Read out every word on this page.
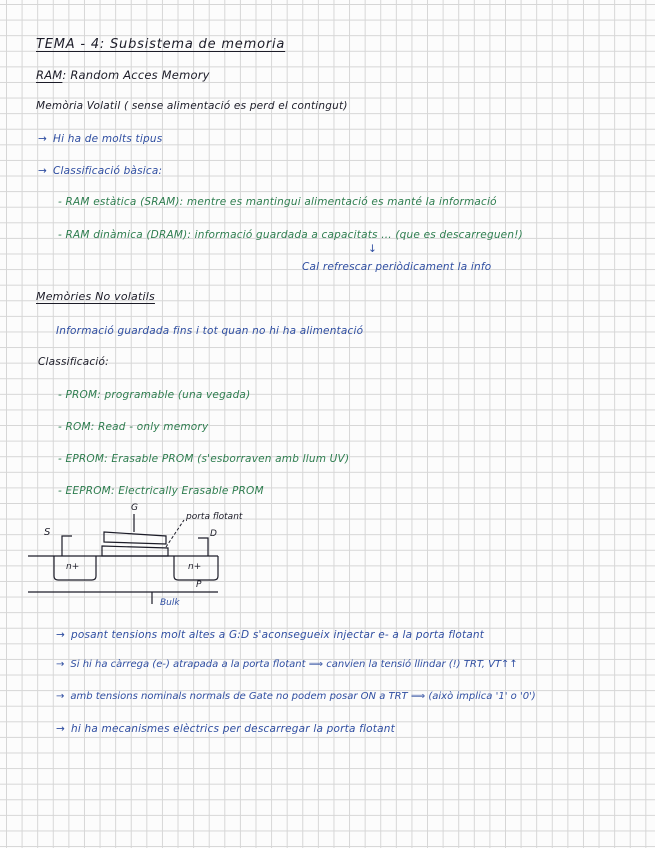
TEMA - 4: Subsistema de memoria
RAM: Random Acces Memory
Memòria Volatil ( sense alimentació es perd el contingut)
→ Hi ha de molts tipus
→ Classificació bàsica:
- RAM estàtica (SRAM): mentre es mantingui alimentació es manté la informació
- RAM dinàmica (DRAM): informació guardada a capacitats ... (que es descarreguen!)
↓
Cal refrescar periòdicament la info
Memòries No volatils
Informació guardada fins i tot quan no hi ha alimentació
Classificació:
- PROM: programable (una vegada)
- ROM: Read - only memory
- EPROM: Erasable PROM (s'esborraven amb llum UV)
- EEPROM: Electrically Erasable PROM
G
porta flotant
S	D
n+	n+
P
Bulk
→ posant tensions molt altes a G:D s'aconsegueix injectar e- a la porta flotant
→ Si hi ha càrrega (e-) atrapada a la porta flotant ⟹ canvien la tensió llindar (!) TRT, VT↑↑
→ amb tensions nominals normals de Gate no podem posar ON a TRT ⟹ (això implica '1' o '0')
→ hi ha mecanismes elèctrics per descarregar la porta flotant
